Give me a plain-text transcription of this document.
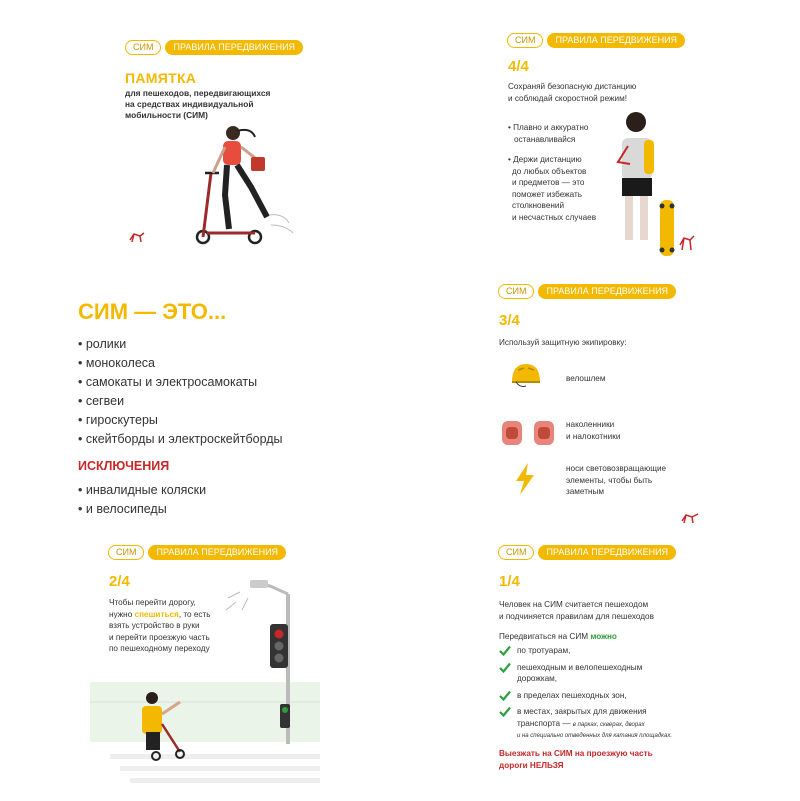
СИМ	ПРАВИЛА ПЕРЕДВИЖЕНИЯ
ПАМЯТКА
для пешеходов, передвигающихся
на средствах индивидуальной
мобильности (СИМ)
СИМ	ПРАВИЛА ПЕРЕДВИЖЕНИЯ
4/4
Сохраняй безопасную дистанцию
и соблюдай скоростной режим!
• Плавно и аккуратно
останавливайся
• Держи дистанцию
до любых объектов
и предметов — это
поможет избежать
столкновений
и несчастных случаев
СИМ — ЭТО...
• ролики
• моноколеса
• самокаты и электросамокаты
• сегвеи
• гироскутеры
• скейтборды и электроскейтборды
ИСКЛЮЧЕНИЯ
• инвалидные коляски
• и велосипеды
СИМ	ПРАВИЛА ПЕРЕДВИЖЕНИЯ
3/4
Используй защитную экипировку:
велошлем
наколенники
и налокотники
носи световозвращающие
элементы, чтобы быть
заметным
СИМ	ПРАВИЛА ПЕРЕДВИЖЕНИЯ
2/4
Чтобы перейти дорогу,
нужно спешиться, то есть
взять устройство в руки
и перейти проезжую часть
по пешеходному переходу
СИМ	ПРАВИЛА ПЕРЕДВИЖЕНИЯ
1/4
Человек на СИМ считается пешеходом
и подчиняется правилам для пешеходов
Передвигаться на СИМ можно
по тротуарам,
пешеходным и велопешеходным
дорожкам,
в пределах пешеходных зон,
в местах, закрытых для движения
транспорта — в парках, скверах, дворах
и на специально отведенных для катания площадках.
Выезжать на СИМ на проезжую часть
дороги НЕЛЬЗЯ
